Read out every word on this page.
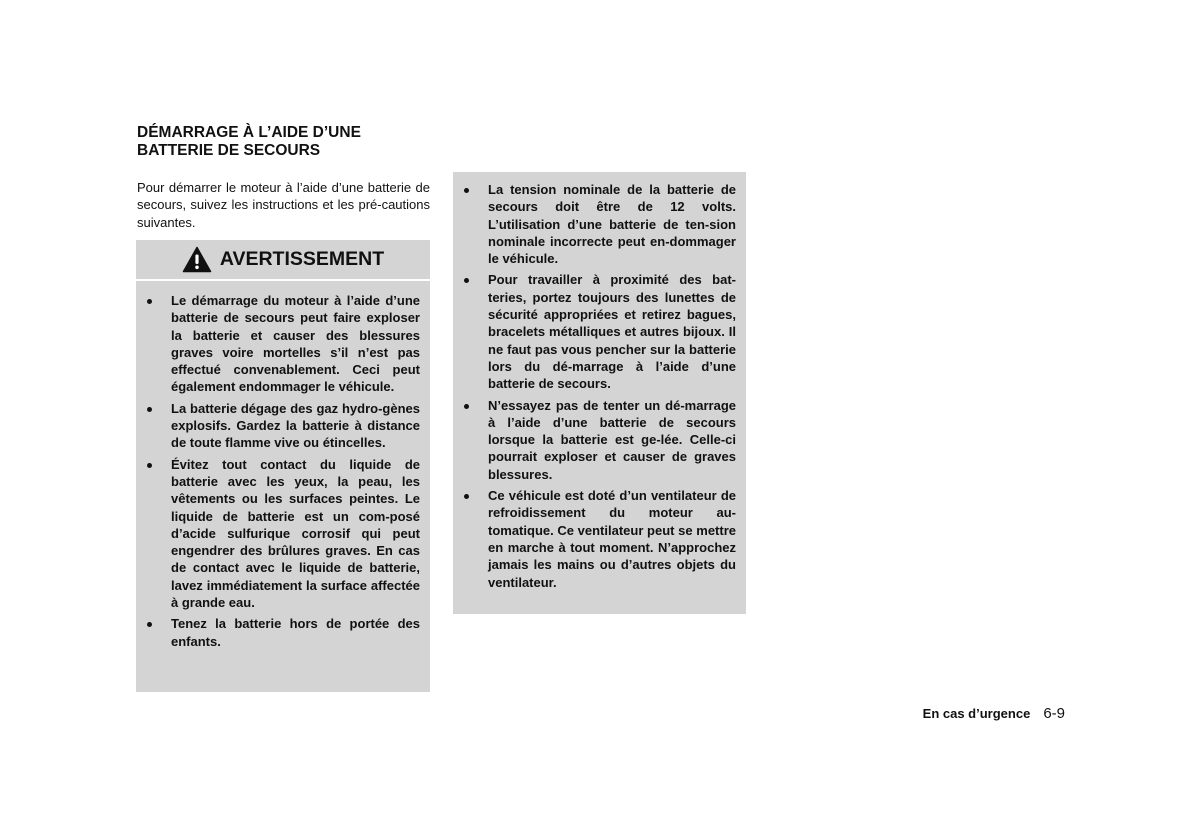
DÉMARRAGE À L’AIDE D’UNE
BATTERIE DE SECOURS

Pour démarrer le moteur à l’aide d’une batterie de secours, suivez les instructions et les pré-cautions suivantes.

AVERTISSEMENT
Le démarrage du moteur à l’aide d’une batterie de secours peut faire exploser la batterie et causer des blessures graves voire mortelles s’il n’est pas effectué convenablement. Ceci peut également endommager le véhicule.
La batterie dégage des gaz hydro-gènes explosifs. Gardez la batterie à distance de toute flamme vive ou étincelles.
Évitez tout contact du liquide de batterie avec les yeux, la peau, les vêtements ou les surfaces peintes. Le liquide de batterie est un com-posé d’acide sulfurique corrosif qui peut engendrer des brûlures graves. En cas de contact avec le liquide de batterie, lavez immédiatement la surface affectée à grande eau.
Tenez la batterie hors de portée des enfants.
La tension nominale de la batterie de secours doit être de 12 volts. L’utilisation d’une batterie de ten-sion nominale incorrecte peut en-dommager le véhicule.
Pour travailler à proximité des bat-teries, portez toujours des lunettes de sécurité appropriées et retirez bagues, bracelets métalliques et autres bijoux. Il ne faut pas vous pencher sur la batterie lors du dé-marrage à l’aide d’une batterie de secours.
N’essayez pas de tenter un dé-marrage à l’aide d’une batterie de secours lorsque la batterie est ge-lée. Celle-ci pourrait exploser et causer de graves blessures.
Ce véhicule est doté d’un ventilateur de refroidissement du moteur au-tomatique. Ce ventilateur peut se mettre en marche à tout moment. N’approchez jamais les mains ou d’autres objets du ventilateur.
En cas d’urgence 6-9
